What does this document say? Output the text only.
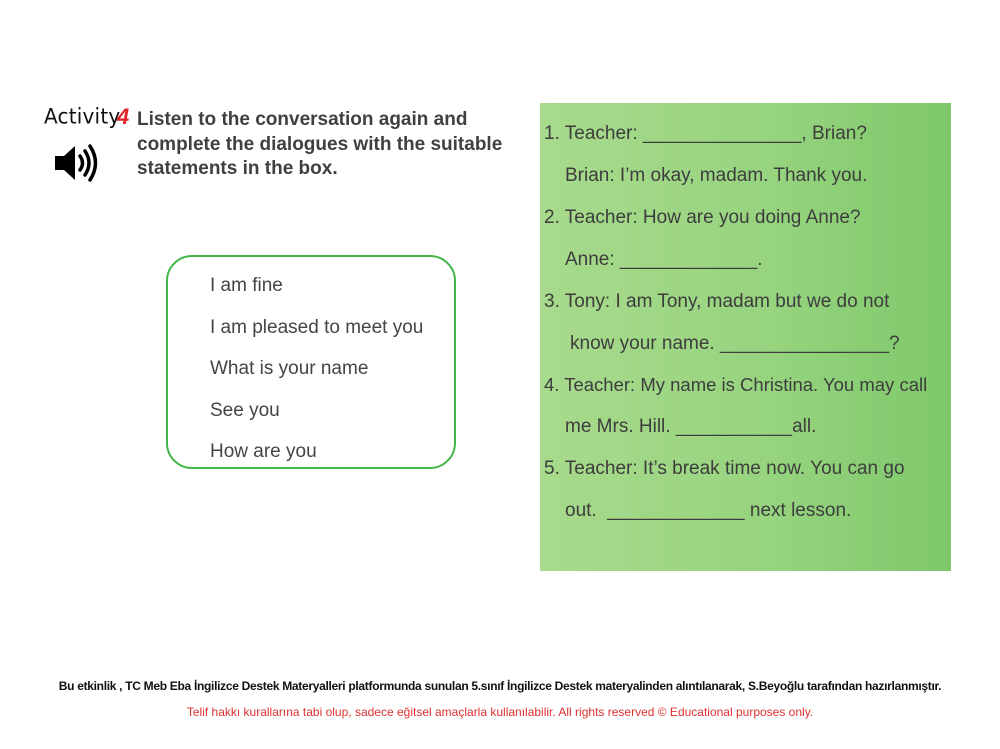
Activity
4 Listen to the conversation again and complete the dialogues with the suitable statements in the box.
I am fine
I am pleased to meet you
What is your name
See you
How are you
1. Teacher: _______________, Brian?
Brian: I’m okay, madam. Thank you.
2. Teacher: How are you doing Anne?
Anne: _____________.
3. Tony: I am Tony, madam but we do not
know your name. ________________?
4. Teacher: My name is Christina. You may call
me Mrs. Hill. ___________all.
5. Teacher: It’s break time now. You can go
out.  _____________ next lesson.
Bu etkinlik , TC Meb Eba İngilizce Destek Materyalleri platformunda sunulan 5.sınıf İngilizce Destek materyalinden alıntılanarak, S.Beyoğlu tarafından hazırlanmıştır.
Telif hakkı kurallarına tabi olup, sadece eğitsel amaçlarla kullanılabilir. All rights reserved © Educational purposes only.
